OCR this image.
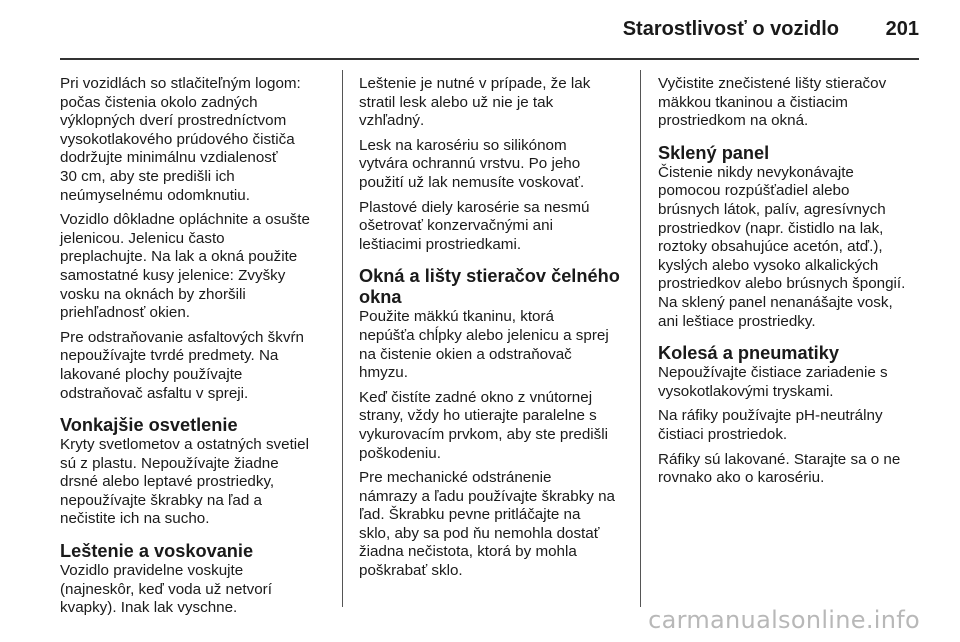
Starostlivosť o vozidlo 201

Pri vozidlách so stlačiteľným logom:
počas čistenia okolo zadných
výklopných dverí prostredníctvom
vysokotlakového prúdového čističa
dodržujte minimálnu vzdialenosť
30 cm, aby ste predišli ich
neúmyselnému odomknutiu.

Vozidlo dôkladne opláchnite a osušte
jelenicou. Jelenicu často
preplachujte. Na lak a okná použite
samostatné kusy jelenice: Zvyšky
vosku na oknách by zhoršili
priehľadnosť okien.

Pre odstraňovanie asfaltových škvŕn
nepoužívajte tvrdé predmety. Na
lakované plochy používajte
odstraňovač asfaltu v spreji.

Vonkajšie osvetlenie

Kryty svetlometov a ostatných svetiel
sú z plastu. Nepoužívajte žiadne
drsné alebo leptavé prostriedky,
nepoužívajte škrabky na ľad a
nečistite ich na sucho.

Leštenie a voskovanie

Vozidlo pravidelne voskujte
(najneskôr, keď voda už netvorí
kvapky). Inak lak vyschne.

Leštenie je nutné v prípade, že lak
stratil lesk alebo už nie je tak
vzhľadný.

Lesk na karosériu so silikónom
vytvára ochrannú vrstvu. Po jeho
použití už lak nemusíte voskovať.

Plastové diely karosérie sa nesmú
ošetrovať konzervačnými ani
leštiacimi prostriedkami.

Okná a lišty stieračov čelného
okna

Použite mäkkú tkaninu, ktorá
nepúšťa chĺpky alebo jelenicu a sprej
na čistenie okien a odstraňovač
hmyzu.

Keď čistíte zadné okno z vnútornej
strany, vždy ho utierajte paralelne s
vykurovacím prvkom, aby ste predišli
poškodeniu.

Pre mechanické odstránenie
námrazy a ľadu používajte škrabky na
ľad. Škrabku pevne pritláčajte na
sklo, aby sa pod ňu nemohla dostať
žiadna nečistota, ktorá by mohla
poškrabať sklo.

Vyčistite znečistené lišty stieračov
mäkkou tkaninou a čistiacim
prostriedkom na okná.

Sklený panel

Čistenie nikdy nevykonávajte
pomocou rozpúšťadiel alebo
brúsnych látok, palív, agresívnych
prostriedkov (napr. čistidlo na lak,
roztoky obsahujúce acetón, atď.),
kyslých alebo vysoko alkalických
prostriedkov alebo brúsnych špongií.
Na sklený panel nenanášajte vosk,
ani leštiace prostriedky.

Kolesá a pneumatiky

Nepoužívajte čistiace zariadenie s
vysokotlakovými tryskami.

Na ráfiky používajte pH-neutrálny
čistiaci prostriedok.

Ráfiky sú lakované. Starajte sa o ne
rovnako ako o karosériu.

carmanualsonline.info
